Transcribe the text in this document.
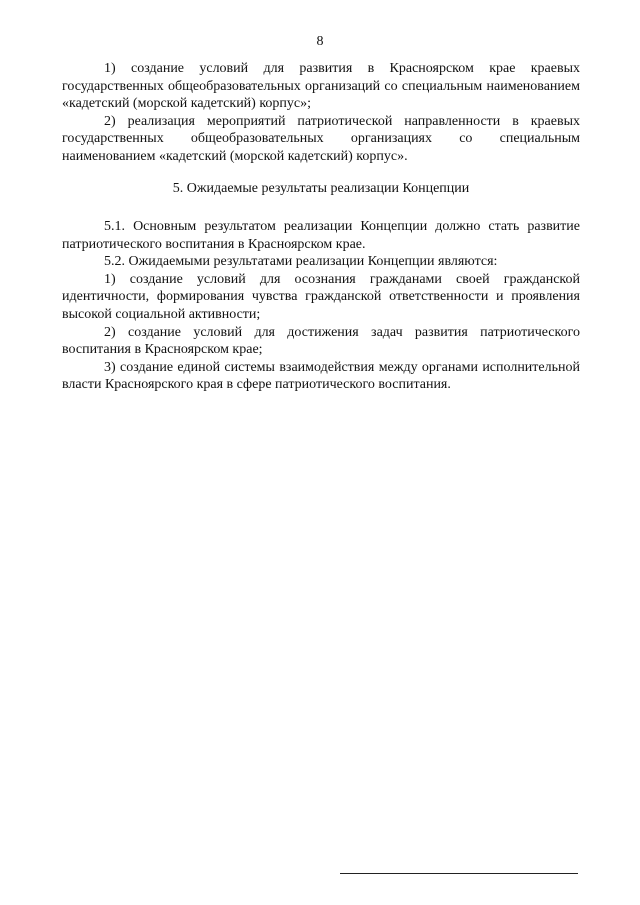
8

1) создание условий для развития в Красноярском крае краевых государственных общеобразовательных организаций со специальным наименованием «кадетский (морской кадетский) корпус»;

2) реализация мероприятий патриотической направленности в краевых государственных общеобразовательных организациях со специальным наименованием «кадетский (морской кадетский) корпус».

5. Ожидаемые результаты реализации Концепции

5.1. Основным результатом реализации Концепции должно стать развитие патриотического воспитания в Красноярском крае.

5.2. Ожидаемыми результатами реализации Концепции являются:

1) создание условий для осознания гражданами своей гражданской идентичности, формирования чувства гражданской ответственности и проявления высокой социальной активности;

2) создание условий для достижения задач развития патриотического воспитания в Красноярском крае;

3) создание единой системы взаимодействия между органами исполнительной власти Красноярского края в сфере патриотического воспитания.
